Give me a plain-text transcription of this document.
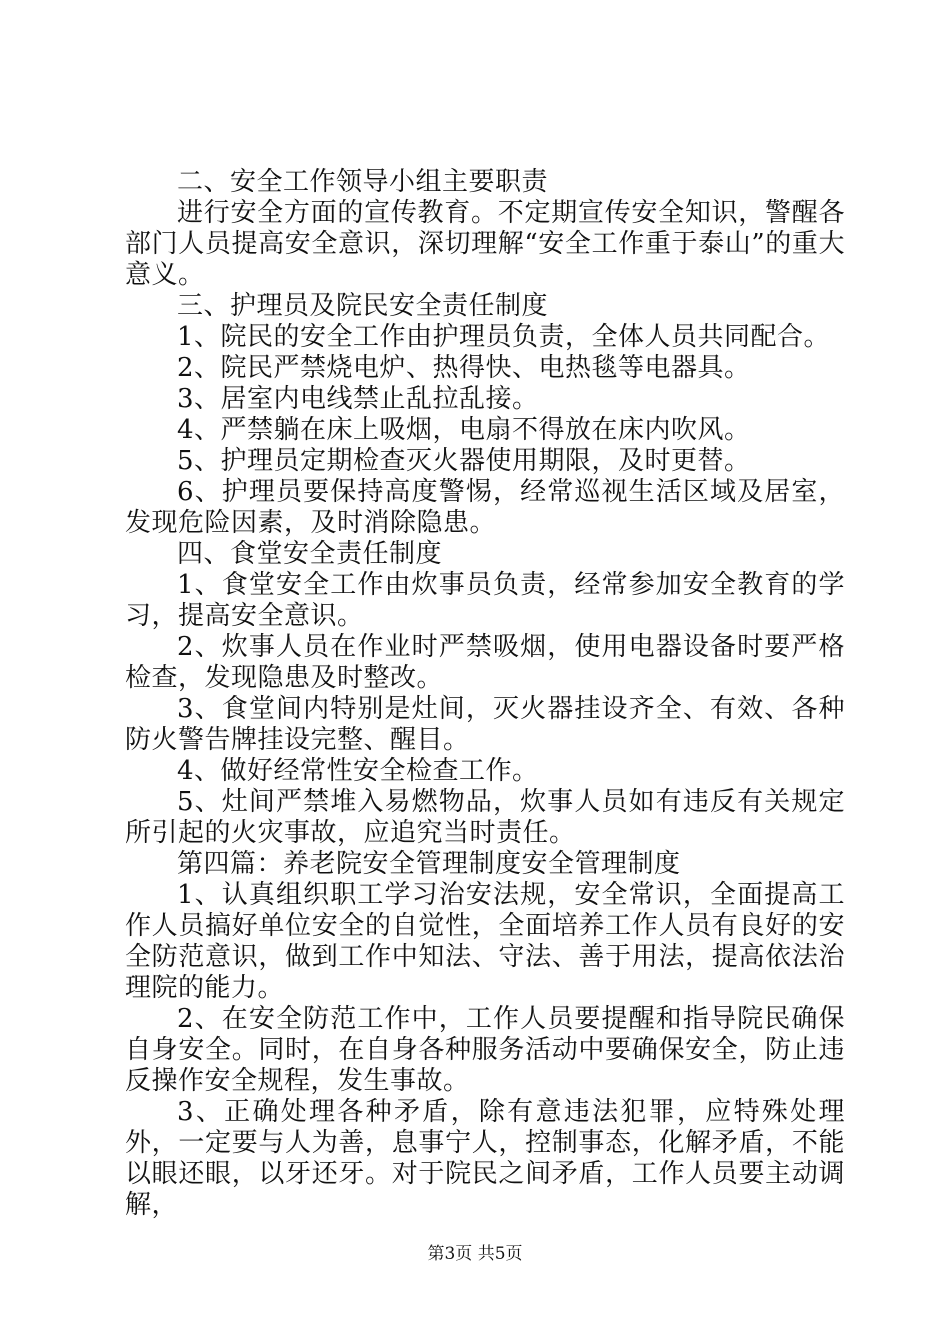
二、安全工作领导小组主要职责

进行安全方面的宣传教育。不定期宣传安全知识，警醒各部门人员提高安全意识，深切理解“安全工作重于泰山”的重大意义。

三、护理员及院民安全责任制度

1、院民的安全工作由护理员负责，全体人员共同配合。

2、院民严禁烧电炉、热得快、电热毯等电器具。

3、居室内电线禁止乱拉乱接。

4、严禁躺在床上吸烟，电扇不得放在床内吹风。

5、护理员定期检查灭火器使用期限，及时更替。

6、护理员要保持高度警惕，经常巡视生活区域及居室，发现危险因素，及时消除隐患。

四、食堂安全责任制度

1、食堂安全工作由炊事员负责，经常参加安全教育的学习，提高安全意识。

2、炊事人员在作业时严禁吸烟，使用电器设备时要严格检查，发现隐患及时整改。

3、食堂间内特别是灶间，灭火器挂设齐全、有效、各种防火警告牌挂设完整、醒目。

4、做好经常性安全检查工作。

5、灶间严禁堆入易燃物品，炊事人员如有违反有关规定所引起的火灾事故，应追究当时责任。

第四篇：养老院安全管理制度安全管理制度

1、认真组织职工学习治安法规，安全常识，全面提高工作人员搞好单位安全的自觉性，全面培养工作人员有良好的安全防范意识，做到工作中知法、守法、善于用法，提高依法治理院的能力。

2、在安全防范工作中，工作人员要提醒和指导院民确保自身安全。同时，在自身各种服务活动中要确保安全，防止违反操作安全规程，发生事故。

3、正确处理各种矛盾，除有意违法犯罪，应特殊处理外，一定要与人为善，息事宁人，控制事态，化解矛盾，不能以眼还眼，以牙还牙。对于院民之间矛盾，工作人员要主动调解，

第3页 共5页
